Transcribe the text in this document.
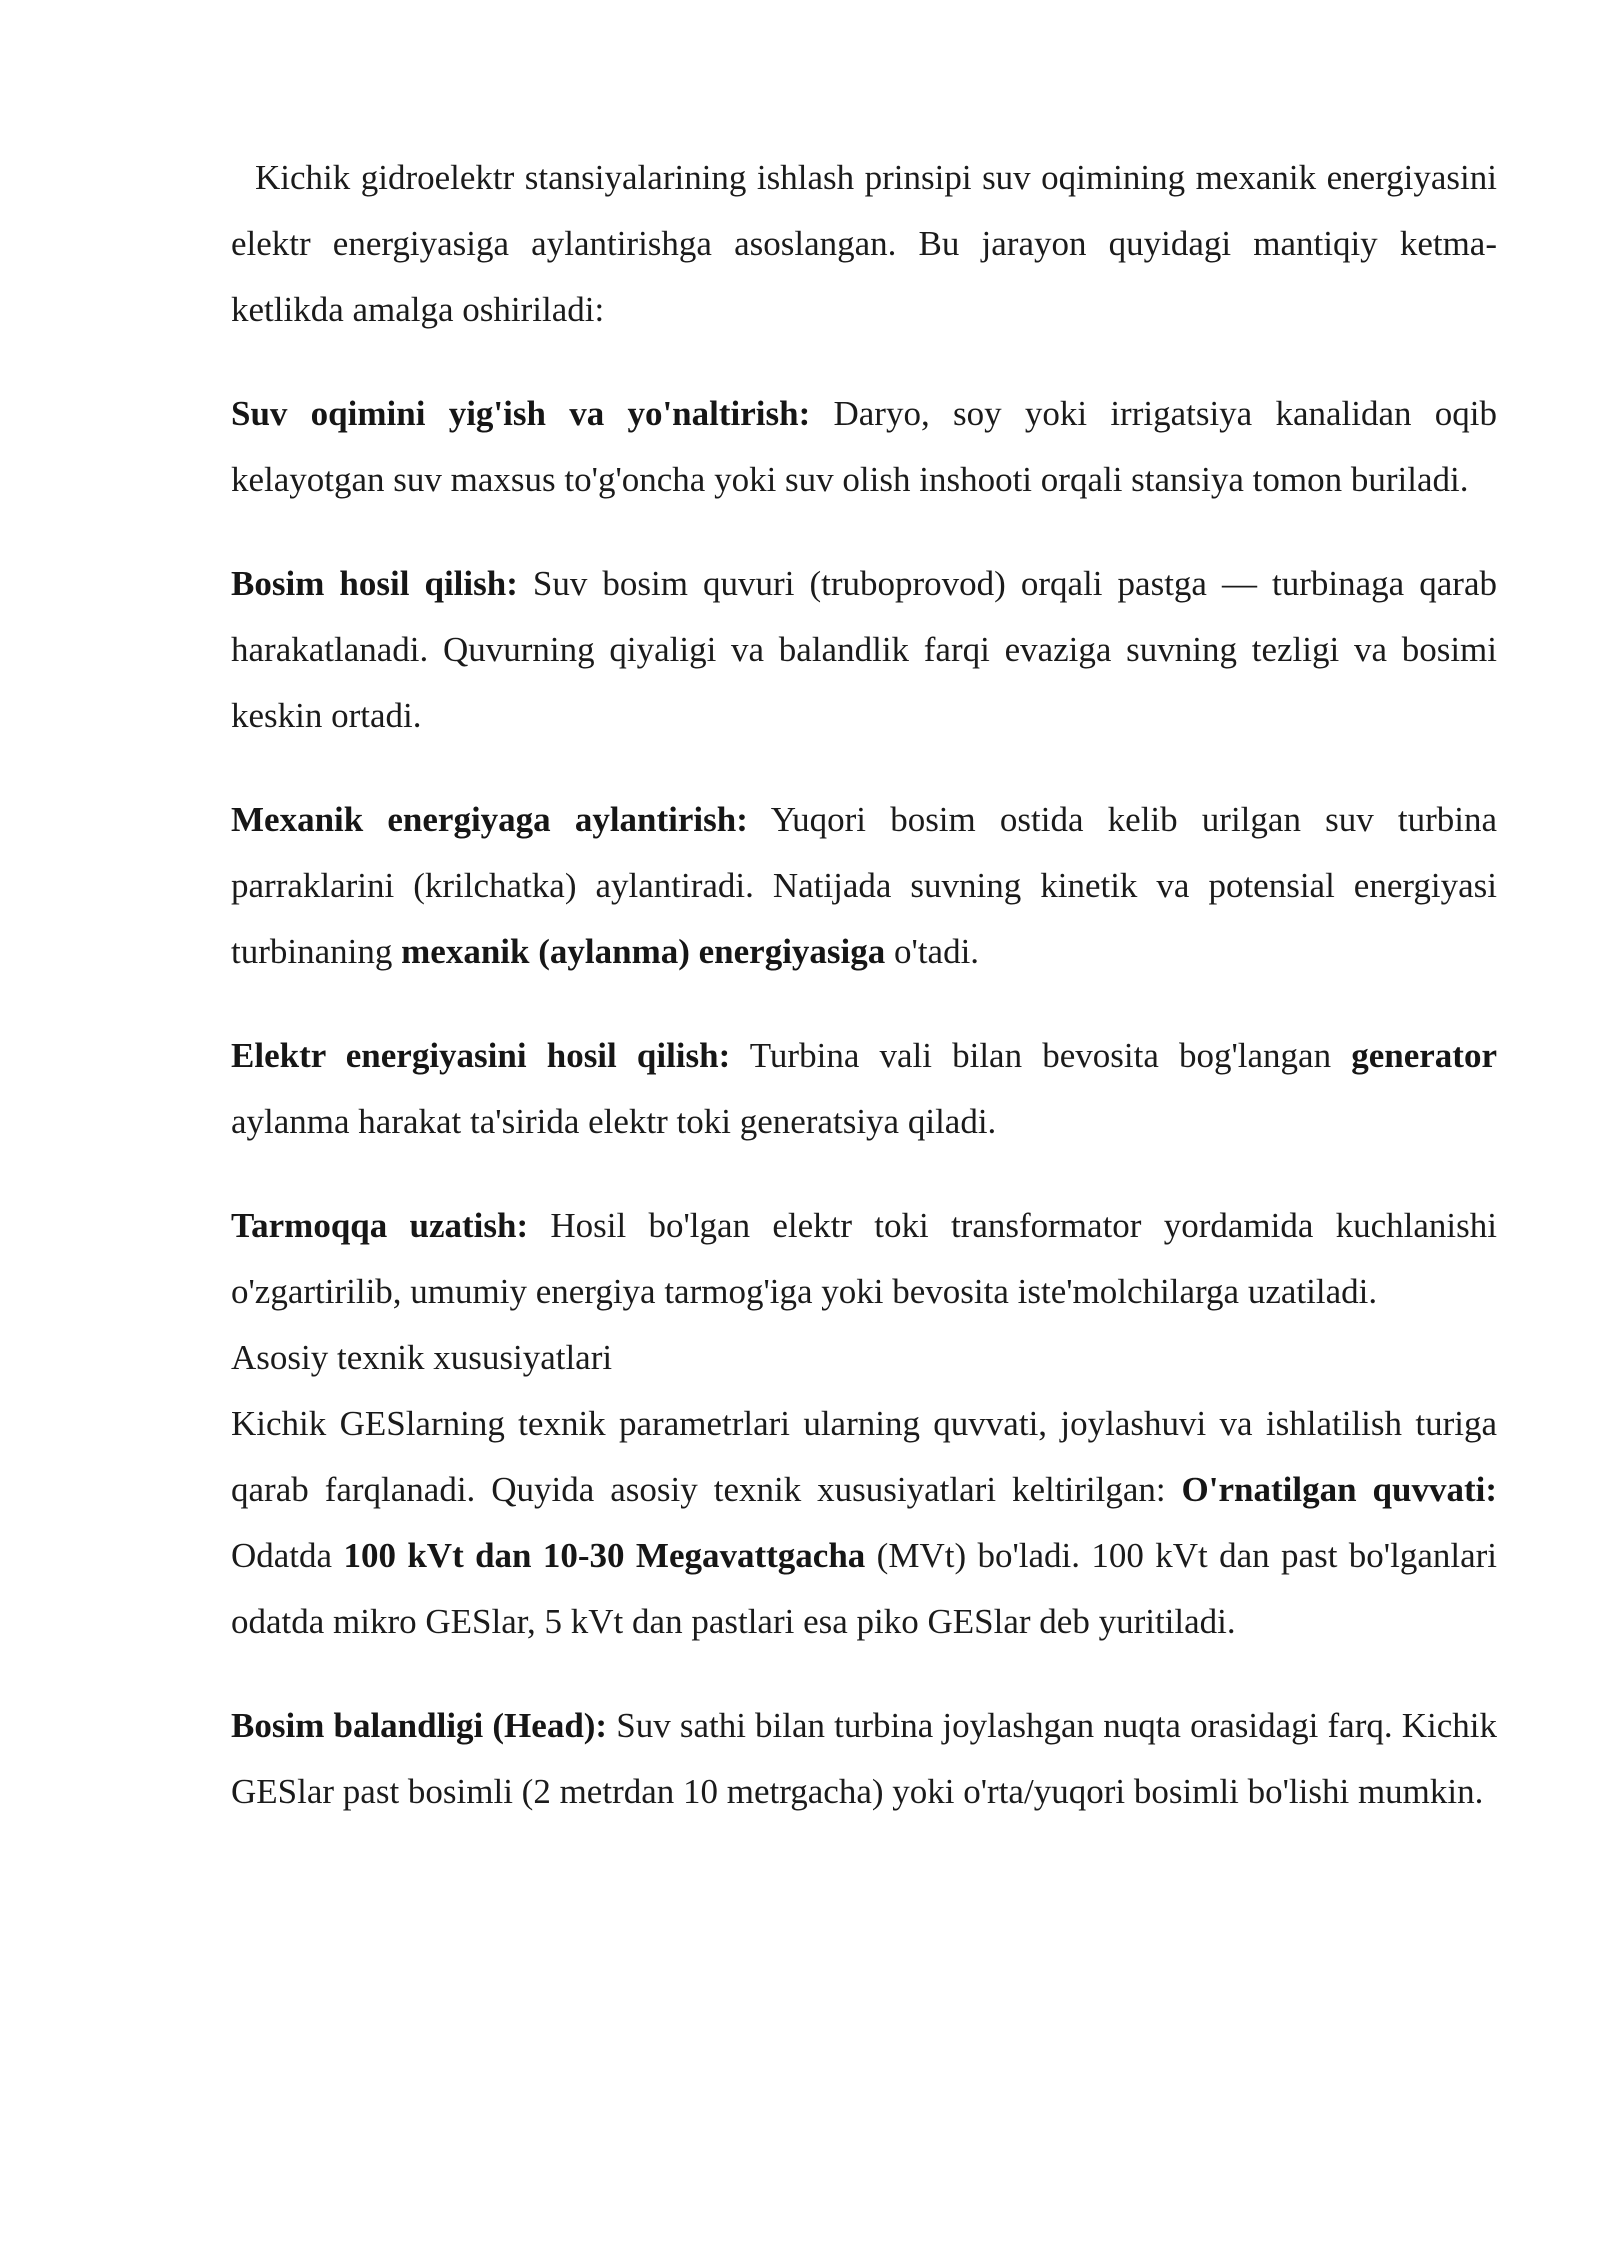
Kichik gidroelektr stansiyalarining ishlash prinsipi suv oqimining mexanik energiyasini elektr energiyasiga aylantirishga asoslangan. Bu jarayon quyidagi mantiqiy ketma-ketlikda amalga oshiriladi:

Suv oqimini yig'ish va yo'naltirish: Daryo, soy yoki irrigatsiya kanalidan oqib kelayotgan suv maxsus to'g'oncha yoki suv olish inshooti orqali stansiya tomon buriladi.

Bosim hosil qilish: Suv bosim quvuri (truboprovod) orqali pastga — turbinaga qarab harakatlanadi. Quvurning qiyaligi va balandlik farqi evaziga suvning tezligi va bosimi keskin ortadi.

Mexanik energiyaga aylantirish: Yuqori bosim ostida kelib urilgan suv turbina parraklarini (krilchatka) aylantiradi. Natijada suvning kinetik va potensial energiyasi turbinaning mexanik (aylanma) energiyasiga o'tadi.

Elektr energiyasini hosil qilish: Turbina vali bilan bevosita bog'langan generator aylanma harakat ta'sirida elektr toki generatsiya qiladi.

Tarmoqqa uzatish: Hosil bo'lgan elektr toki transformator yordamida kuchlanishi o'zgartirilib, umumiy energiya tarmog'iga yoki bevosita iste'molchilarga uzatiladi.

Asosiy texnik xususiyatlari

Kichik GESlarning texnik parametrlari ularning quvvati, joylashuvi va ishlatilish turiga qarab farqlanadi. Quyida asosiy texnik xususiyatlari keltirilgan: O'rnatilgan quvvati: Odatda 100 kVt dan 10-30 Megavattgacha (MVt) bo'ladi. 100 kVt dan past bo'lganlari odatda mikro GESlar, 5 kVt dan pastlari esa piko GESlar deb yuritiladi.

Bosim balandligi (Head): Suv sathi bilan turbina joylashgan nuqta orasidagi farq. Kichik GESlar past bosimli (2 metrdan 10 metrgacha) yoki o'rta/yuqori bosimli bo'lishi mumkin.
